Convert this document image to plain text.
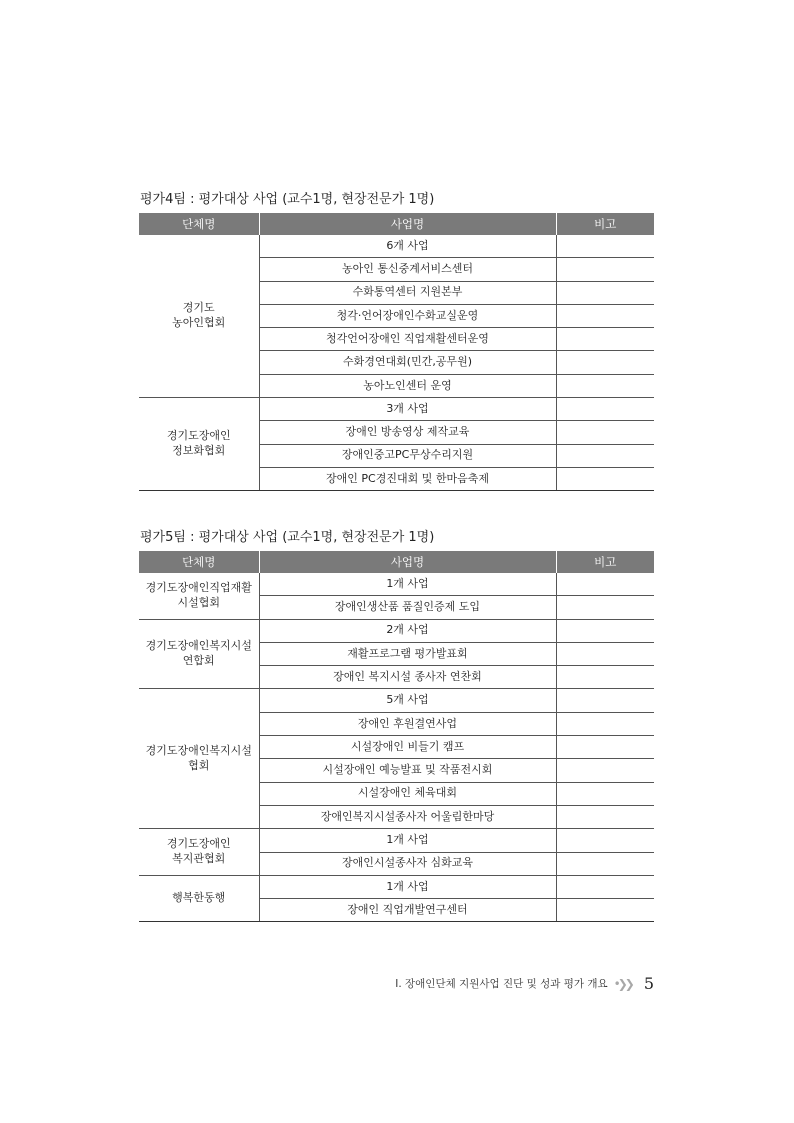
평가4팀 : 평가대상 사업 (교수1명, 현장전문가 1명)
단체명	사업명	비고
경기도
농아인협회	6개 사업	
	농아인 통신중계서비스센터	
	수화통역센터 지원본부	
	청각·언어장애인수화교실운영	
	청각언어장애인 직업재활센터운영	
	수화경연대회(민간,공무원)	
	농아노인센터 운영	
경기도장애인
정보화협회	3개 사업	
	장애인 방송영상 제작교육	
	장애인중고PC무상수리지원	
	장애인 PC경진대회 및 한마음축제	
평가5팀 : 평가대상 사업 (교수1명, 현장전문가 1명)
단체명	사업명	비고
경기도장애인직업재활
시설협회	1개 사업	
	장애인생산품 품질인증제 도입	
경기도장애인복지시설
연합회	2개 사업	
	재활프로그램 평가발표회	
	장애인 복지시설 종사자 연찬회	
경기도장애인복지시설
협회	5개 사업	
	장애인 후원결연사업	
	시설장애인 비들기 캠프	
	시설장애인 예능발표 및 작품전시회	
	시설장애인 체육대회	
	장애인복지시설종사자 어울림한마당	
경기도장애인
복지관협회	1개 사업	
	장애인시설종사자 심화교육	
행복한동행	1개 사업	
	장애인 직업개발연구센터	
Ⅰ. 장애인단체 지원사업 진단 및 성과 평가 개요 •❯❯ 5
